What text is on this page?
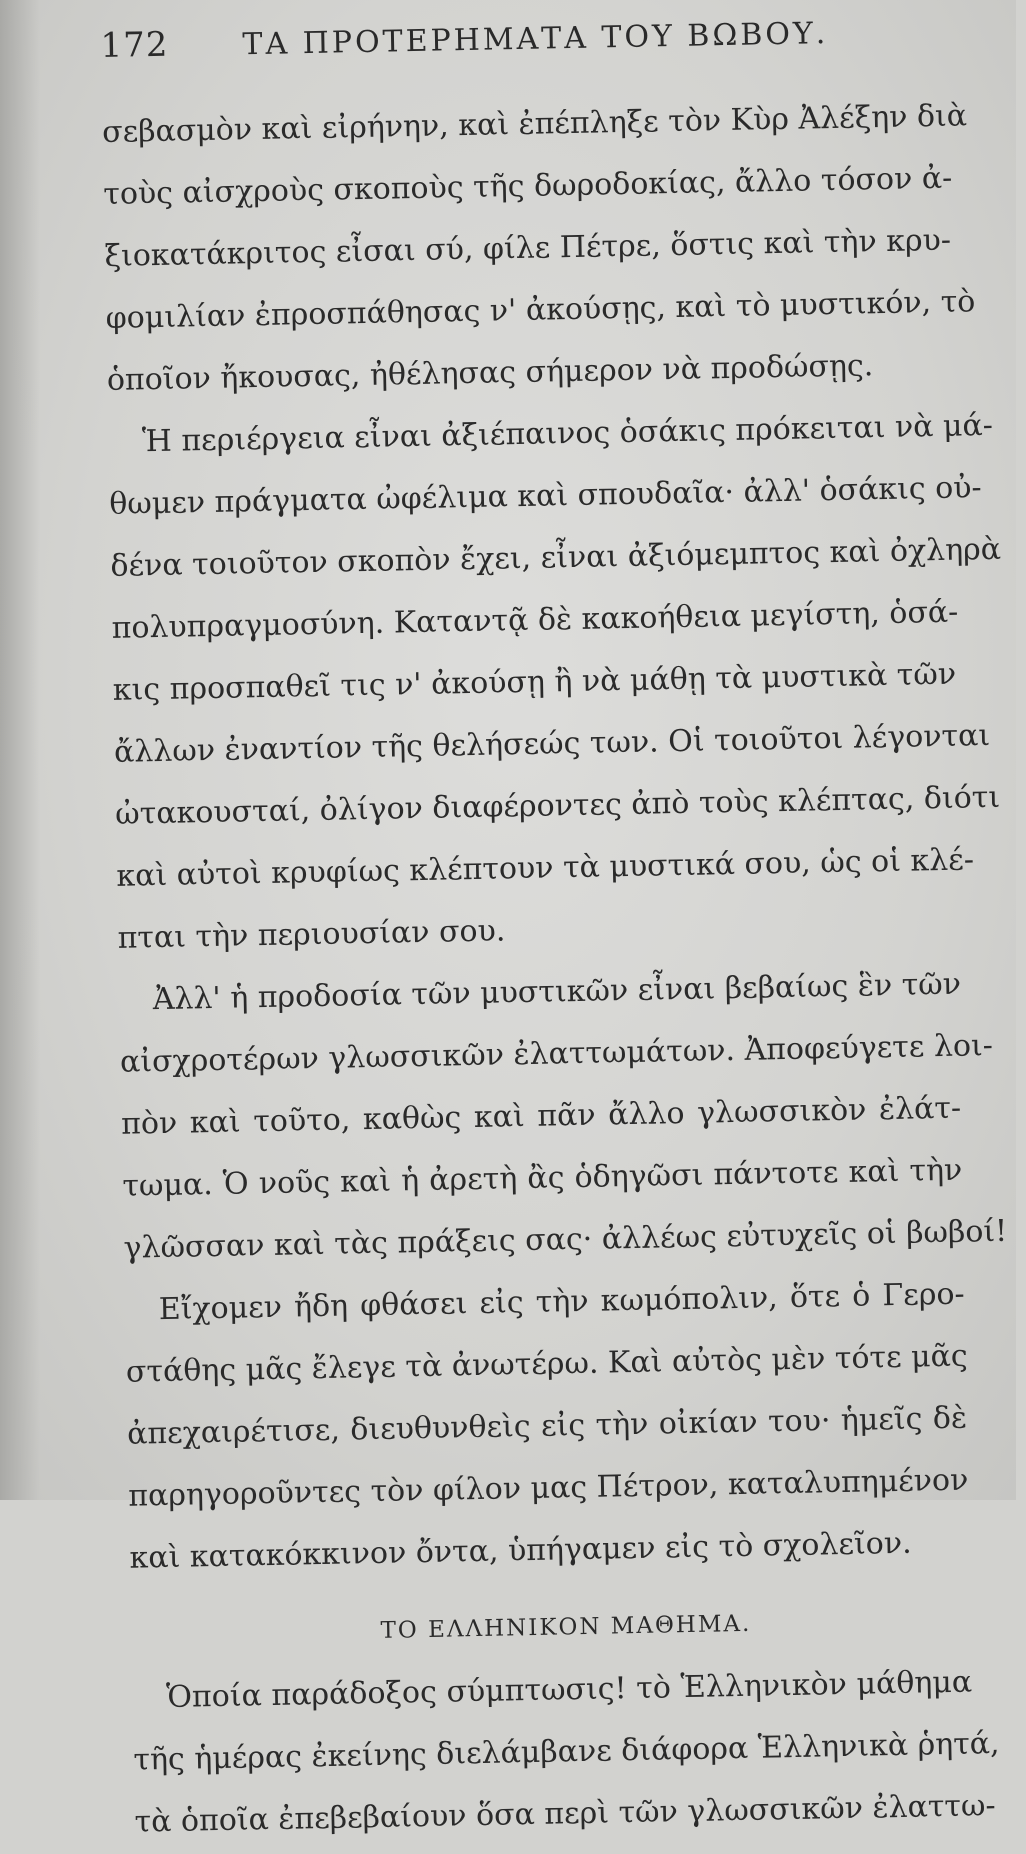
172	ΤΑ ΠΡΟΤΕΡΗΜΑΤΑ ΤΟΥ ΒΩΒΟΥ.
σεβασμὸν καὶ εἰρήνην, καὶ ἐπέπληξε τὸν Κὺρ Ἀλέξην διὰ
τοὺς αἰσχροὺς σκοποὺς τῆς δωροδοκίας, ἄλλο τόσον ἀ-
ξιοκατάκριτος εἶσαι σύ, φίλε Πέτρε, ὅστις καὶ τὴν κρυ-
φομιλίαν ἐπροσπάθησας ν' ἀκούσῃς, καὶ τὸ μυστικόν, τὸ
ὁποῖον ἤκουσας, ἠθέλησας σήμερον νὰ προδώσῃς.
Ἡ περιέργεια εἶναι ἀξιέπαινος ὁσάκις πρόκειται νὰ μά-
θωμεν πράγματα ὠφέλιμα καὶ σπουδαῖα· ἀλλ' ὁσάκις οὐ-
δένα τοιοῦτον σκοπὸν ἔχει, εἶναι ἀξιόμεμπτος καὶ ὀχληρὰ
πολυπραγμοσύνη. Καταντᾷ δὲ κακοήθεια μεγίστη, ὁσά-
κις προσπαθεῖ τις ν' ἀκούσῃ ἢ νὰ μάθῃ τὰ μυστικὰ τῶν
ἄλλων ἐναντίον τῆς θελήσεώς των. Οἱ τοιοῦτοι λέγονται
ὠτακουσταί, ὀλίγον διαφέροντες ἀπὸ τοὺς κλέπτας, διότι
καὶ αὐτοὶ κρυφίως κλέπτουν τὰ μυστικά σου, ὡς οἱ κλέ-
πται τὴν περιουσίαν σου.
Ἀλλ' ἡ προδοσία τῶν μυστικῶν εἶναι βεβαίως ἓν τῶν
αἰσχροτέρων γλωσσικῶν ἐλαττωμάτων. Ἀποφεύγετε λοι-
πὸν καὶ τοῦτο, καθὼς καὶ πᾶν ἄλλο γλωσσικὸν ἐλάτ-
τωμα. Ὁ νοῦς καὶ ἡ ἀρετὴ ἂς ὁδηγῶσι πάντοτε καὶ τὴν
γλῶσσαν καὶ τὰς πράξεις σας· ἀλλέως εὐτυχεῖς οἱ βωβοί!
Εἴχομεν ἤδη φθάσει εἰς τὴν κωμόπολιν, ὅτε ὁ Γερο-
στάθης μᾶς ἔλεγε τὰ ἀνωτέρω. Καὶ αὐτὸς μὲν τότε μᾶς
ἀπεχαιρέτισε, διευθυνθεὶς εἰς τὴν οἰκίαν του· ἡμεῖς δὲ
παρηγοροῦντες τὸν φίλον μας Πέτρον, καταλυπημένον
καὶ κατακόκκινον ὄντα, ὑπήγαμεν εἰς τὸ σχολεῖον.
ΤΟ ΕΛΛΗΝΙΚΟΝ ΜΑΘΗΜΑ.
Ὁποία παράδοξος σύμπτωσις! τὸ Ἑλληνικὸν μάθημα
τῆς ἡμέρας ἐκείνης διελάμβανε διάφορα Ἑλληνικὰ ῥητά,
τὰ ὁποῖα ἐπεβεβαίουν ὅσα περὶ τῶν γλωσσικῶν ἐλαττω-
